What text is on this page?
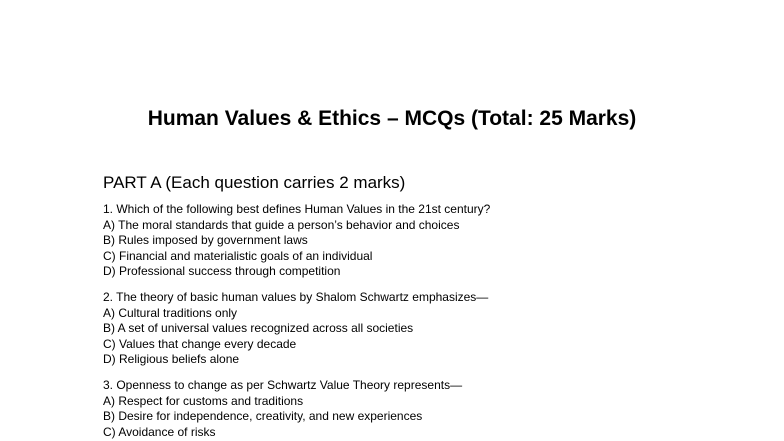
Human Values & Ethics – MCQs (Total: 25 Marks)
PART A (Each question carries 2 marks)
1. Which of the following best defines Human Values in the 21st century?
A) The moral standards that guide a person’s behavior and choices
B) Rules imposed by government laws
C) Financial and materialistic goals of an individual
D) Professional success through competition
2. The theory of basic human values by Shalom Schwartz emphasizes—
A) Cultural traditions only
B) A set of universal values recognized across all societies
C) Values that change every decade
D) Religious beliefs alone
3. Openness to change as per Schwartz Value Theory represents—
A) Respect for customs and traditions
B) Desire for independence, creativity, and new experiences
C) Avoidance of risks
